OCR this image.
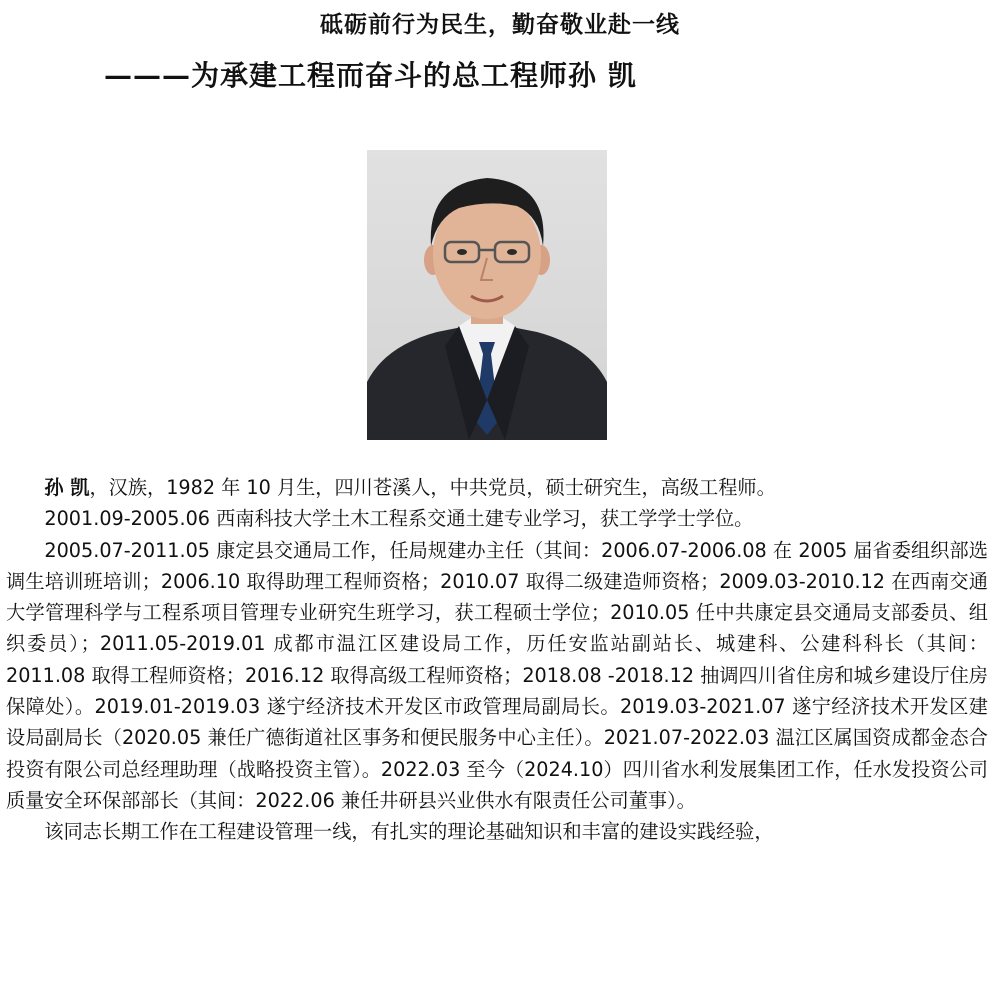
砥砺前行为民生，勤奋敬业赴一线
———为承建工程而奋斗的总工程师孙 凯

孙 凯，汉族，1982 年 10 月生，四川苍溪人，中共党员，硕士研究生，高级工程师。

2001.09-2005.06 西南科技大学土木工程系交通土建专业学习，获工学学士学位。

2005.07-2011.05 康定县交通局工作，任局规建办主任（其间：2006.07-2006.08 在 2005 届省委组织部选调生培训班培训；2006.10 取得助理工程师资格；2010.07 取得二级建造师资格；2009.03-2010.12 在西南交通大学管理科学与工程系项目管理专业研究生班学习，获工程硕士学位；2010.05 任中共康定县交通局支部委员、组织委员）；2011.05-2019.01 成都市温江区建设局工作，历任安监站副站长、城建科、公建科科长（其间：2011.08 取得工程师资格；2016.12 取得高级工程师资格；2018.08 -2018.12 抽调四川省住房和城乡建设厅住房保障处）。2019.01-2019.03 遂宁经济技术开发区市政管理局副局长。2019.03-2021.07 遂宁经济技术开发区建设局副局长（2020.05 兼任广德街道社区事务和便民服务中心主任）。2021.07-2022.03 温江区属国资成都金态合投资有限公司总经理助理（战略投资主管）。2022.03 至今（2024.10）四川省水利发展集团工作，任水发投资公司质量安全环保部部长（其间：2022.06 兼任井研县兴业供水有限责任公司董事）。

该同志长期工作在工程建设管理一线，有扎实的理论基础知识和丰富的建设实践经验，
